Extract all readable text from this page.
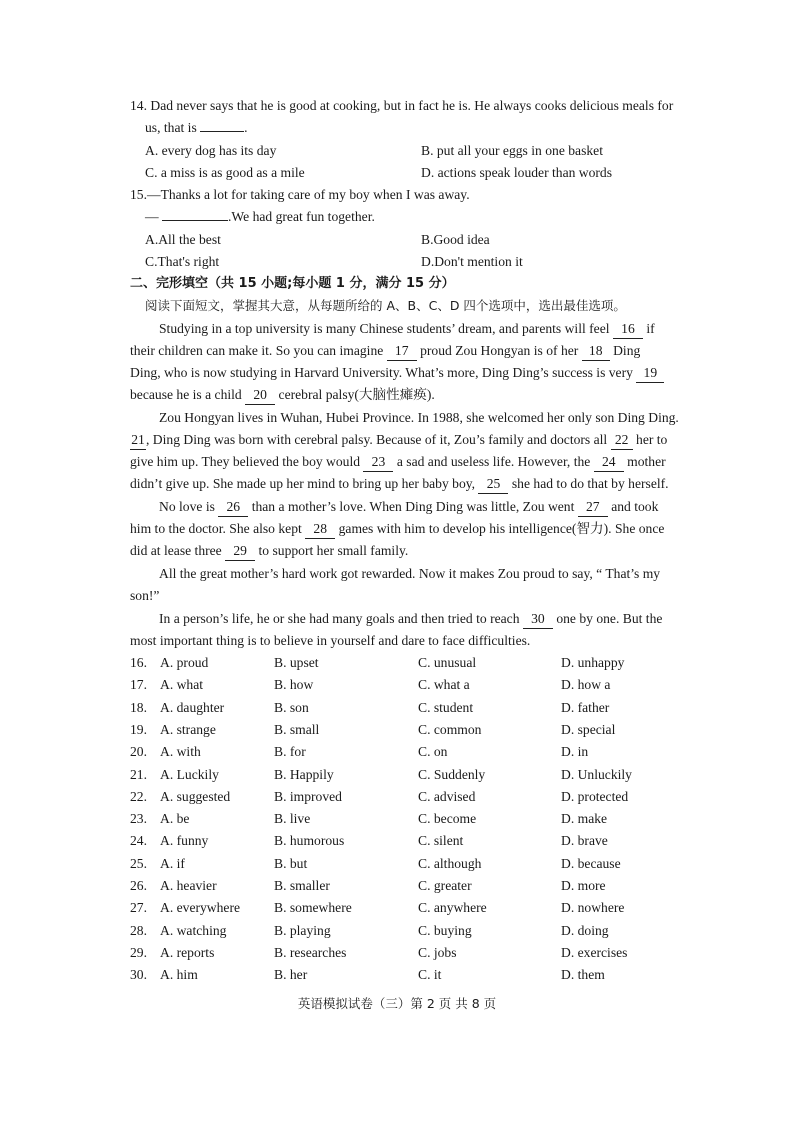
14. Dad never says that he is good at cooking, but in fact he is. He always cooks delicious meals for
us, that is	.
A. every dog has its day	B. put all your eggs in one basket
C. a miss is as good as a mile	D. actions speak louder than words
15.—Thanks a lot for taking care of my boy when I was away.
—	.We had great fun together.
A.All the best	B.Good idea
C.That's right	D.Don't mention it
二、完形填空（共 15 小题;每小题 1 分，满分 15 分）
阅读下面短文，掌握其大意，从每题所给的 A、B、C、D 四个选项中，选出最佳选项。
Studying in a top university is many Chinese students’ dream, and parents will feel 16 if
their children can make it. So you can imagine 17 proud Zou Hongyan is of her 18 Ding
Ding, who is now studying in Harvard University. What’s more, Ding Ding’s success is very 19
because he is a child 20 cerebral palsy(大脑性瘫痪).
Zou Hongyan lives in Wuhan, Hubei Province. In 1988, she welcomed her only son Ding Ding.
21, Ding Ding was born with cerebral palsy. Because of it, Zou’s family and doctors all 22 her to
give him up. They believed the boy would 23 a sad and useless life. However, the 24 mother
didn’t give up. She made up her mind to bring up her baby boy, 25 she had to do that by herself.
No love is 26 than a mother’s love. When Ding Ding was little, Zou went 27 and took
him to the doctor. She also kept 28 games with him to develop his intelligence(智力). She once
did at lease three 29 to support her small family.
All the great mother’s hard work got rewarded. Now it makes Zou proud to say, “ That’s my
son!”
In a person’s life, he or she had many goals and then tried to reach 30 one by one. But the
most important thing is to believe in yourself and dare to face difficulties.
16. A. proud	B. upset	C. unusual	D. unhappy
17. A. what	B. how	C. what a	D. how a
18. A. daughter	B. son	C. student	D. father
19. A. strange	B. small	C. common	D. special
20. A. with	B. for	C. on	D. in
21. A. Luckily	B. Happily	C. Suddenly	D. Unluckily
22. A. suggested	B. improved	C. advised	D. protected
23. A. be	B. live	C. become	D. make
24. A. funny	B. humorous	C. silent	D. brave
25. A. if	B. but	C. although	D. because
26. A. heavier	B. smaller	C. greater	D. more
27. A. everywhere B. somewhere	C. anywhere	D. nowhere
28. A. watching	B. playing	C. buying	D. doing
29. A. reports	B. researches	C. jobs	D. exercises
30. A. him	B. her	C. it	D. them
英语模拟试卷（三）第 2 页 共 8 页
